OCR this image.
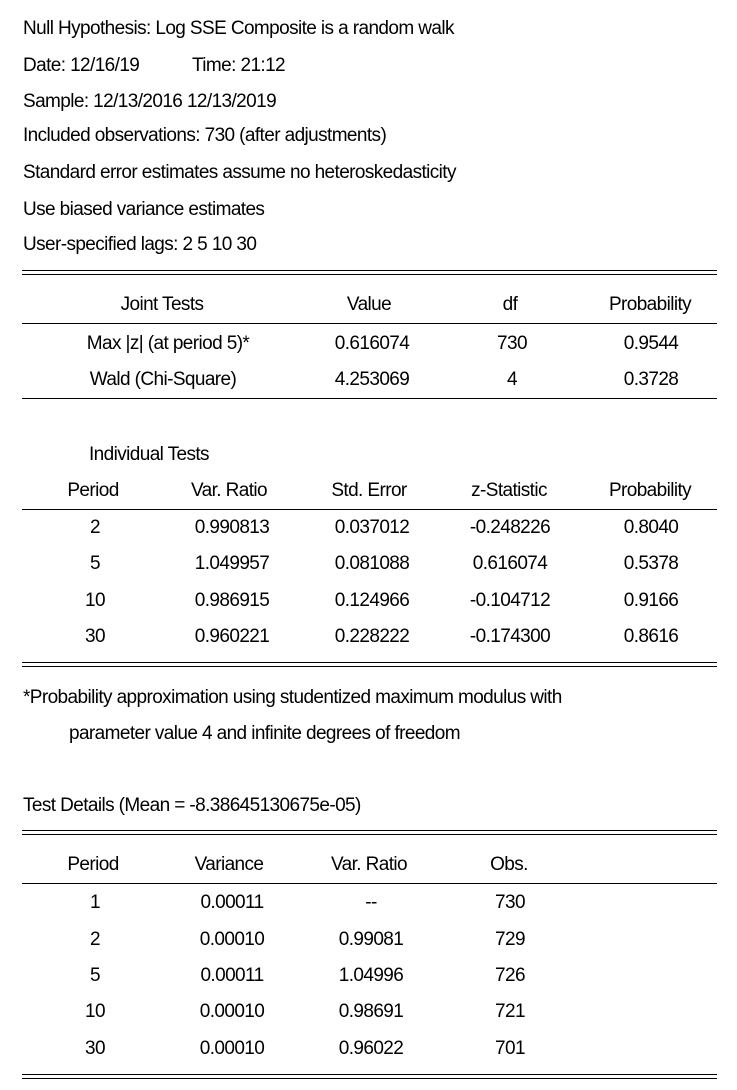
Null Hypothesis: Log SSE Composite is a random walk
Date: 12/16/19	Time: 21:12
Sample: 12/13/2016 12/13/2019
Included observations: 730 (after adjustments)
Standard error estimates assume no heteroskedasticity
Use biased variance estimates
User-specified lags: 2 5 10 30
Joint Tests	Value	df	Probability
Max |z| (at period 5)*	0.616074	730	0.9544
Wald (Chi-Square)	4.253069	4	0.3728
Individual Tests
Period	Var. Ratio	Std. Error	z-Statistic	Probability
2	0.990813	0.037012	-0.248226	0.8040
5	1.049957	0.081088	0.616074	0.5378
10	0.986915	0.124966	-0.104712	0.9166
30	0.960221	0.228222	-0.174300	0.8616
*Probability approximation using studentized maximum modulus with
parameter value 4 and infinite degrees of freedom
Test Details (Mean = -8.38645130675e-05)
Period	Variance	Var. Ratio	Obs.
1	0.00011	--	730
2	0.00010	0.99081	729
5	0.00011	1.04996	726
10	0.00010	0.98691	721
30	0.00010	0.96022	701
